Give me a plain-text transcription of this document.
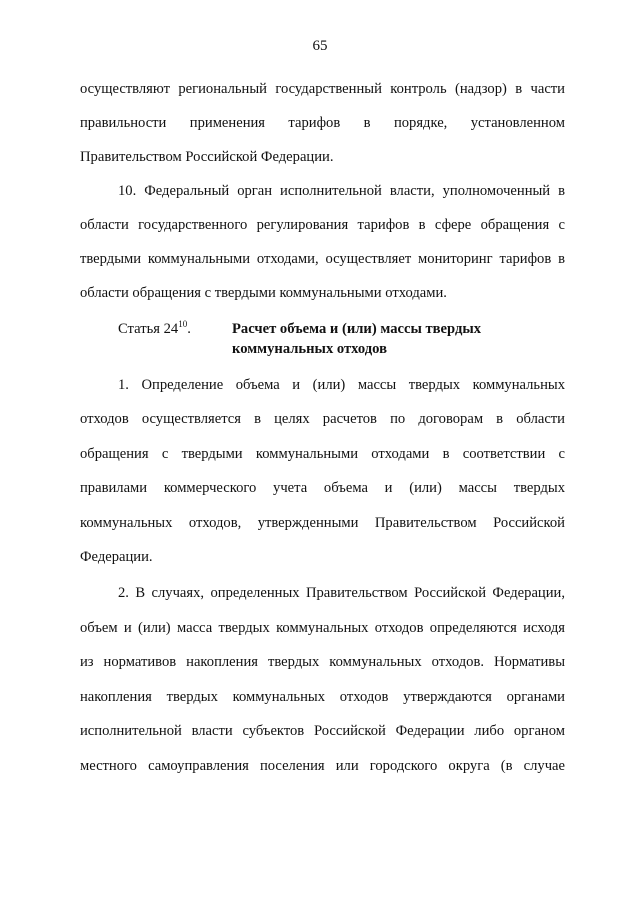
65
осуществляют региональный государственный контроль (надзор) в части
правильности применения тарифов в порядке, установленном
Правительством Российской Федерации.
10. Федеральный орган исполнительной власти, уполномоченный в
области государственного регулирования тарифов в сфере обращения с
твердыми коммунальными отходами, осуществляет мониторинг тарифов в
области обращения с твердыми коммунальными отходами.
Статья $24^{10}$.	Расчет объема и (или) массы твердых
коммунальных отходов
1. Определение объема и (или) массы твердых коммунальных
отходов осуществляется в целях расчетов по договорам в области
обращения с твердыми коммунальными отходами в соответствии с
правилами коммерческого учета объема и (или) массы твердых
коммунальных отходов, утвержденными Правительством Российской
Федерации.
2. В случаях, определенных Правительством Российской Федерации,
объем и (или) масса твердых коммунальных отходов определяются исходя
из нормативов накопления твердых коммунальных отходов. Нормативы
накопления твердых коммунальных отходов утверждаются органами
исполнительной власти субъектов Российской Федерации либо органом
местного самоуправления поселения или городского округа (в случае
